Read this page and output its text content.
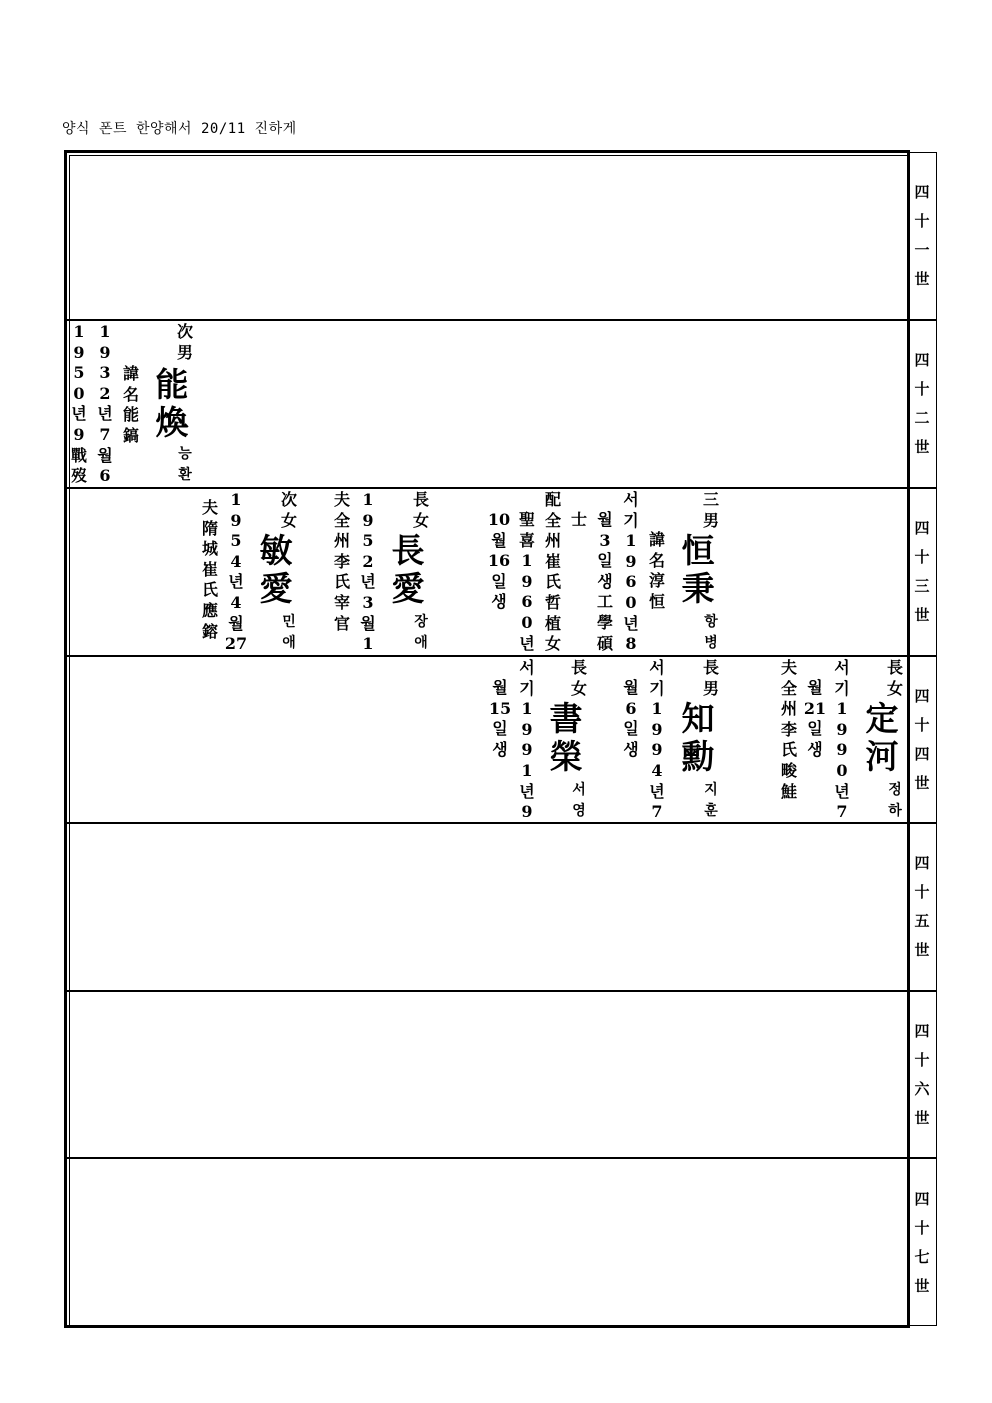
양식 폰트 한양해서 20/11 진하게
四
十
一
世
四
十
二
世
四
十
三
世
四
十
四
世
四
十
五
世
四
十
六
世
四
十
七
世
次
男
能
煥
능
환
諱
名
能
鎬
1
9
3
2
년
7
월
6
1
9
5
0
년
9
戰
歿
三
男
恒
秉
항
병
諱
名
淳
恒
서
기
1
9
6
0
년
8
월
3
일
생
工
學
碩
士
配
全
州
崔
氏
哲
植
女
聖
喜
1
9
6
0
년
10
월
16
일
생
長
女
長
愛
장
애
1
9
5
2
년
3
월
1
夫
全
州
李
氏
宰
官
次
女
敏
愛
민
애
1
9
5
4
년
4
월
27
夫
隋
城
崔
氏
應
鎔
長
女
定
河
정
하
서
기
1
9
9
0
년
7
월
21
일
생
夫
全
州
李
氏
畯
鮭
長
男
知
勳
지
훈
서
기
1
9
9
4
년
7
월
6
일
생
長
女
書
榮
서
영
서
기
1
9
9
1
년
9
월
15
일
생
